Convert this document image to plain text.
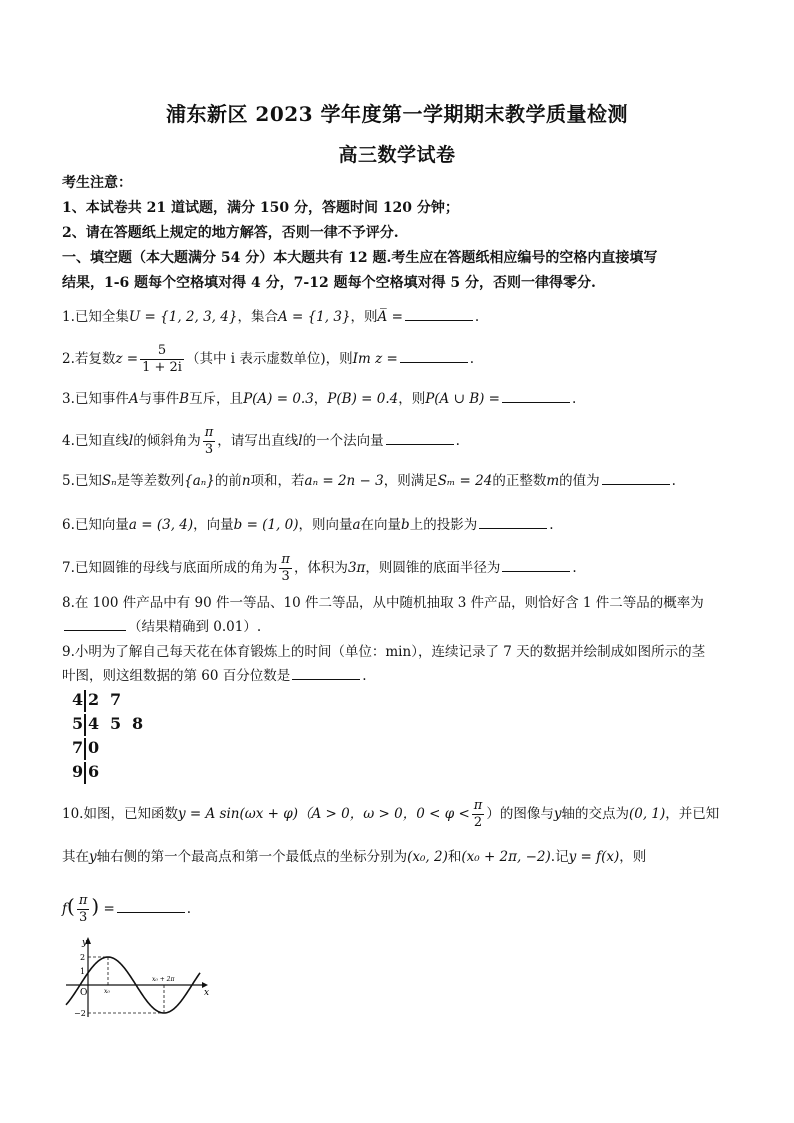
浦东新区 2023 学年度第一学期期末教学质量检测
高三数学试卷
考生注意：
1、本试卷共 21 道试题，满分 150 分，答题时间 120 分钟；
2、请在答题纸上规定的地方解答，否则一律不予评分.
一、填空题（本大题满分 54 分）本大题共有 12 题.考生应在答题纸相应编号的空格内直接填写
结果，1-6 题每个空格填对得 4 分，7-12 题每个空格填对得 5 分，否则一律得零分.
1.已知全集U = {1, 2, 3, 4}，集合A = {1, 3}，则A̅ =	.
2.若复数$z = \frac{5}{1 + 2i}$ （其中 i 表示虚数单位)，则Im z =	.
3.已知事件A与事件B互斥，且P(A) = 0.3，P(B) = 0.4，则P(A ∪ B) =	.
4.已知直线l的倾斜角为 $\frac{\pi}{3}$ ，请写出直线l的一个法向量	.
5.已知Sₙ是等差数列{aₙ}的前n项和，若aₙ = 2n − 3，则满足Sₘ = 24的正整数m的值为	.
6.已知向量a = (3, 4)，向量b = (1, 0)，则向量a在向量b上的投影为	.
7.已知圆锥的母线与底面所成的角为 $\frac{\pi}{3}$ ，体积为3π，则圆锥的底面半径为	.
8.在 100 件产品中有 90 件一等品、10 件二等品，从中随机抽取 3 件产品，则恰好含 1 件二等品的概率为
（结果精确到 0.01）.
9.小明为了解自己每天花在体育锻炼上的时间（单位：min），连续记录了 7 天的数据并绘制成如图所示的茎
叶图，则这组数据的第 60 百分位数是	.
4 2 7
5 4 5 8
7 0
9 6
10.如图，已知函数y = A sin(ωx + φ)（A > 0，ω > 0，$0 < \varphi < \frac{\pi}{2}$ ）的图像与y轴的交点为(0, 1)，并已知
其在y轴右侧的第一个最高点和第一个最低点的坐标分别为(x₀, 2)和(x₀ + 2π, −2).记y = f(x)，则
$f( \frac{\pi}{3}$ ) =	.
y
x
O
2
1
−2
x₀
x₀ + 2π
